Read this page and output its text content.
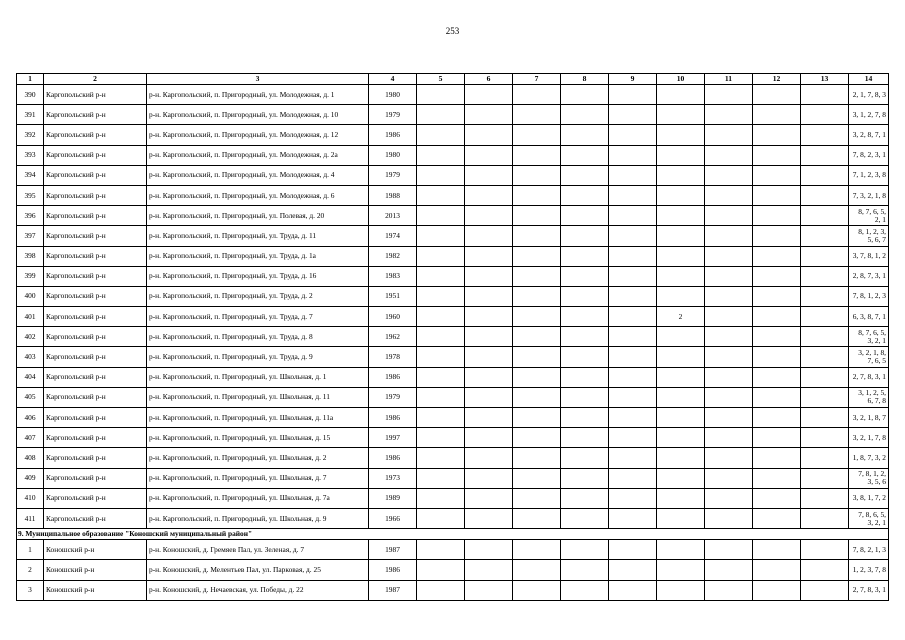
253
1	2	3	4	5	6	7	8	9	10	11	12	13	14
390	Каргопольский р-н	р-н. Каргопольский, п. Пригородный, ул. Молодежная, д. 1	1980										2, 1, 7, 8, 3
391	Каргопольский р-н	р-н. Каргопольский, п. Пригородный, ул. Молодежная, д. 10	1979										3, 1, 2, 7, 8
392	Каргопольский р-н	р-н. Каргопольский, п. Пригородный, ул. Молодежная, д. 12	1986										3, 2, 8, 7, 1
393	Каргопольский р-н	р-н. Каргопольский, п. Пригородный, ул. Молодежная, д. 2а	1980										7, 8, 2, 3, 1
394	Каргопольский р-н	р-н. Каргопольский, п. Пригородный, ул. Молодежная, д. 4	1979										7, 1, 2, 3, 8
395	Каргопольский р-н	р-н. Каргопольский, п. Пригородный, ул. Молодежная, д. 6	1988										7, 3, 2, 1, 8
396	Каргопольский р-н	р-н. Каргопольский, п. Пригородный, ул. Полевая, д. 20	2013										8, 7, 6, 5, 2, 1
397	Каргопольский р-н	р-н. Каргопольский, п. Пригородный, ул. Труда, д. 11	1974										8, 1, 2, 3, 5, 6, 7
398	Каргопольский р-н	р-н. Каргопольский, п. Пригородный, ул. Труда, д. 1а	1982										3, 7, 8, 1, 2
399	Каргопольский р-н	р-н. Каргопольский, п. Пригородный, ул. Труда, д. 16	1983										2, 8, 7, 3, 1
400	Каргопольский р-н	р-н. Каргопольский, п. Пригородный, ул. Труда, д. 2	1951										7, 8, 1, 2, 3
401	Каргопольский р-н	р-н. Каргопольский, п. Пригородный, ул. Труда, д. 7	1960						2				6, 3, 8, 7, 1
402	Каргопольский р-н	р-н. Каргопольский, п. Пригородный, ул. Труда, д. 8	1962										8, 7, 6, 5, 3, 2, 1
403	Каргопольский р-н	р-н. Каргопольский, п. Пригородный, ул. Труда, д. 9	1978										3, 2, 1, 8, 7, 6, 5
404	Каргопольский р-н	р-н. Каргопольский, п. Пригородный, ул. Школьная, д. 1	1986										2, 7, 8, 3, 1
405	Каргопольский р-н	р-н. Каргопольский, п. Пригородный, ул. Школьная, д. 11	1979										3, 1, 2, 5, 6, 7, 8
406	Каргопольский р-н	р-н. Каргопольский, п. Пригородный, ул. Школьная, д. 11а	1986										3, 2, 1, 8, 7
407	Каргопольский р-н	р-н. Каргопольский, п. Пригородный, ул. Школьная, д. 15	1997										3, 2, 1, 7, 8
408	Каргопольский р-н	р-н. Каргопольский, п. Пригородный, ул. Школьная, д. 2	1986										1, 8, 7, 3, 2
409	Каргопольский р-н	р-н. Каргопольский, п. Пригородный, ул. Школьная, д. 7	1973										7, 8, 1, 2, 3, 5, 6
410	Каргопольский р-н	р-н. Каргопольский, п. Пригородный, ул. Школьная, д. 7а	1989										3, 8, 1, 7, 2
411	Каргопольский р-н	р-н. Каргопольский, п. Пригородный, ул. Школьная, д. 9	1966										7, 8, 6, 5, 3, 2, 1
9. Муниципальное образование "Коношский муниципальный район"													
1	Коношский р-н	р-н. Коношский, д. Гремяев Пал, ул. Зеленая, д. 7	1987										7, 8, 2, 1, 3
2	Коношский р-н	р-н. Коношский, д. Мелентьев Пал, ул. Парковая, д. 25	1986										1, 2, 3, 7, 8
3	Коношский р-н	р-н. Коношский, д. Нечаевская, ул. Победы, д. 22	1987										2, 7, 8, 3, 1
